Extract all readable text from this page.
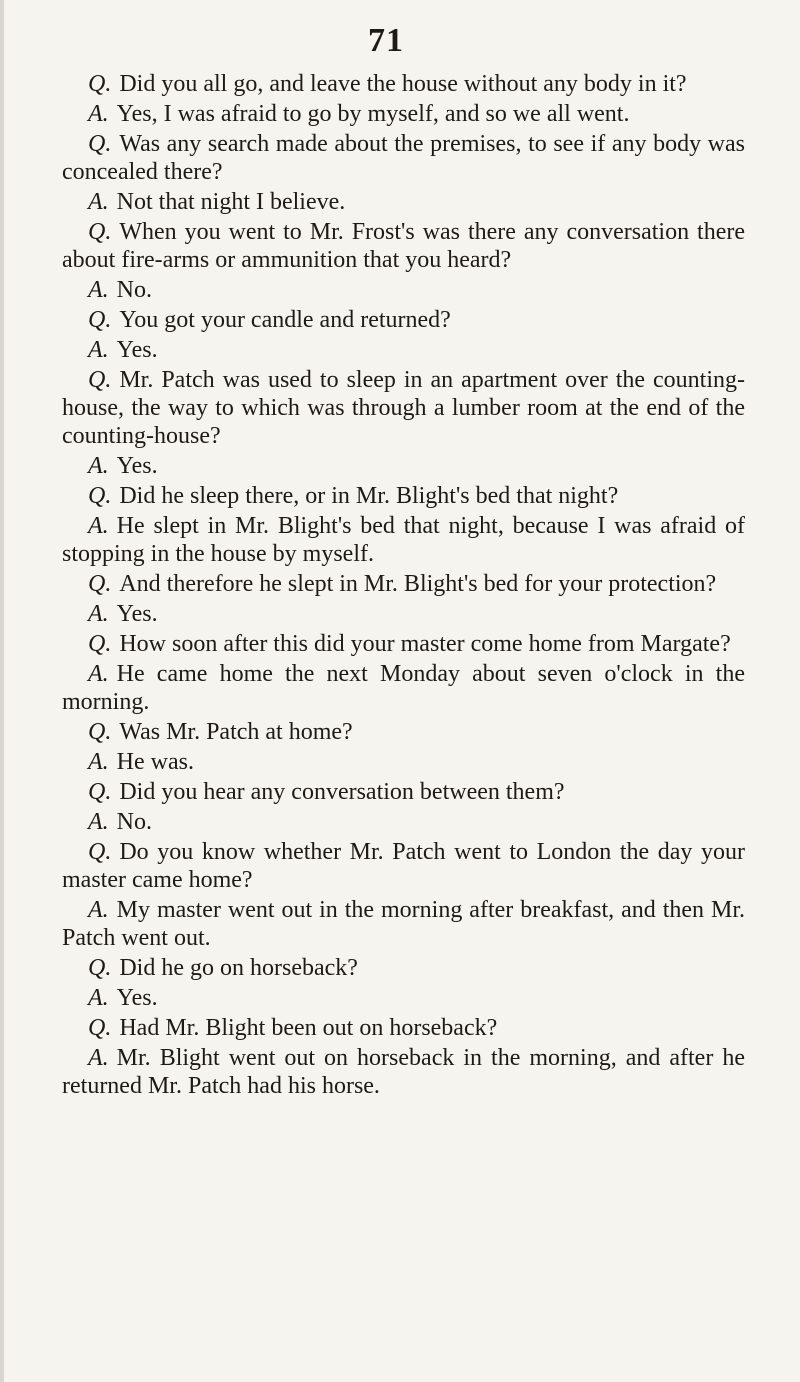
71

Q. Did you all go, and leave the house without any body in it?

A. Yes, I was afraid to go by myself, and so we all went.

Q. Was any search made about the premises, to see if any body was concealed there?

A. Not that night I believe.

Q. When you went to Mr. Frost's was there any conversation there about fire-arms or ammunition that you heard?

A. No.

Q. You got your candle and returned?

A. Yes.

Q. Mr. Patch was used to sleep in an apartment over the counting-house, the way to which was through a lumber room at the end of the counting-house?

A. Yes.

Q. Did he sleep there, or in Mr. Blight's bed that night?

A. He slept in Mr. Blight's bed that night, because I was afraid of stopping in the house by myself.

Q. And therefore he slept in Mr. Blight's bed for your protection?

A. Yes.

Q. How soon after this did your master come home from Margate?

A. He came home the next Monday about seven o'clock in the morning.

Q. Was Mr. Patch at home?

A. He was.

Q. Did you hear any conversation between them?

A. No.

Q. Do you know whether Mr. Patch went to London the day your master came home?

A. My master went out in the morning after breakfast, and then Mr. Patch went out.

Q. Did he go on horseback?

A. Yes.

Q. Had Mr. Blight been out on horseback?

A. Mr. Blight went out on horseback in the morning, and after he returned Mr. Patch had his horse.
